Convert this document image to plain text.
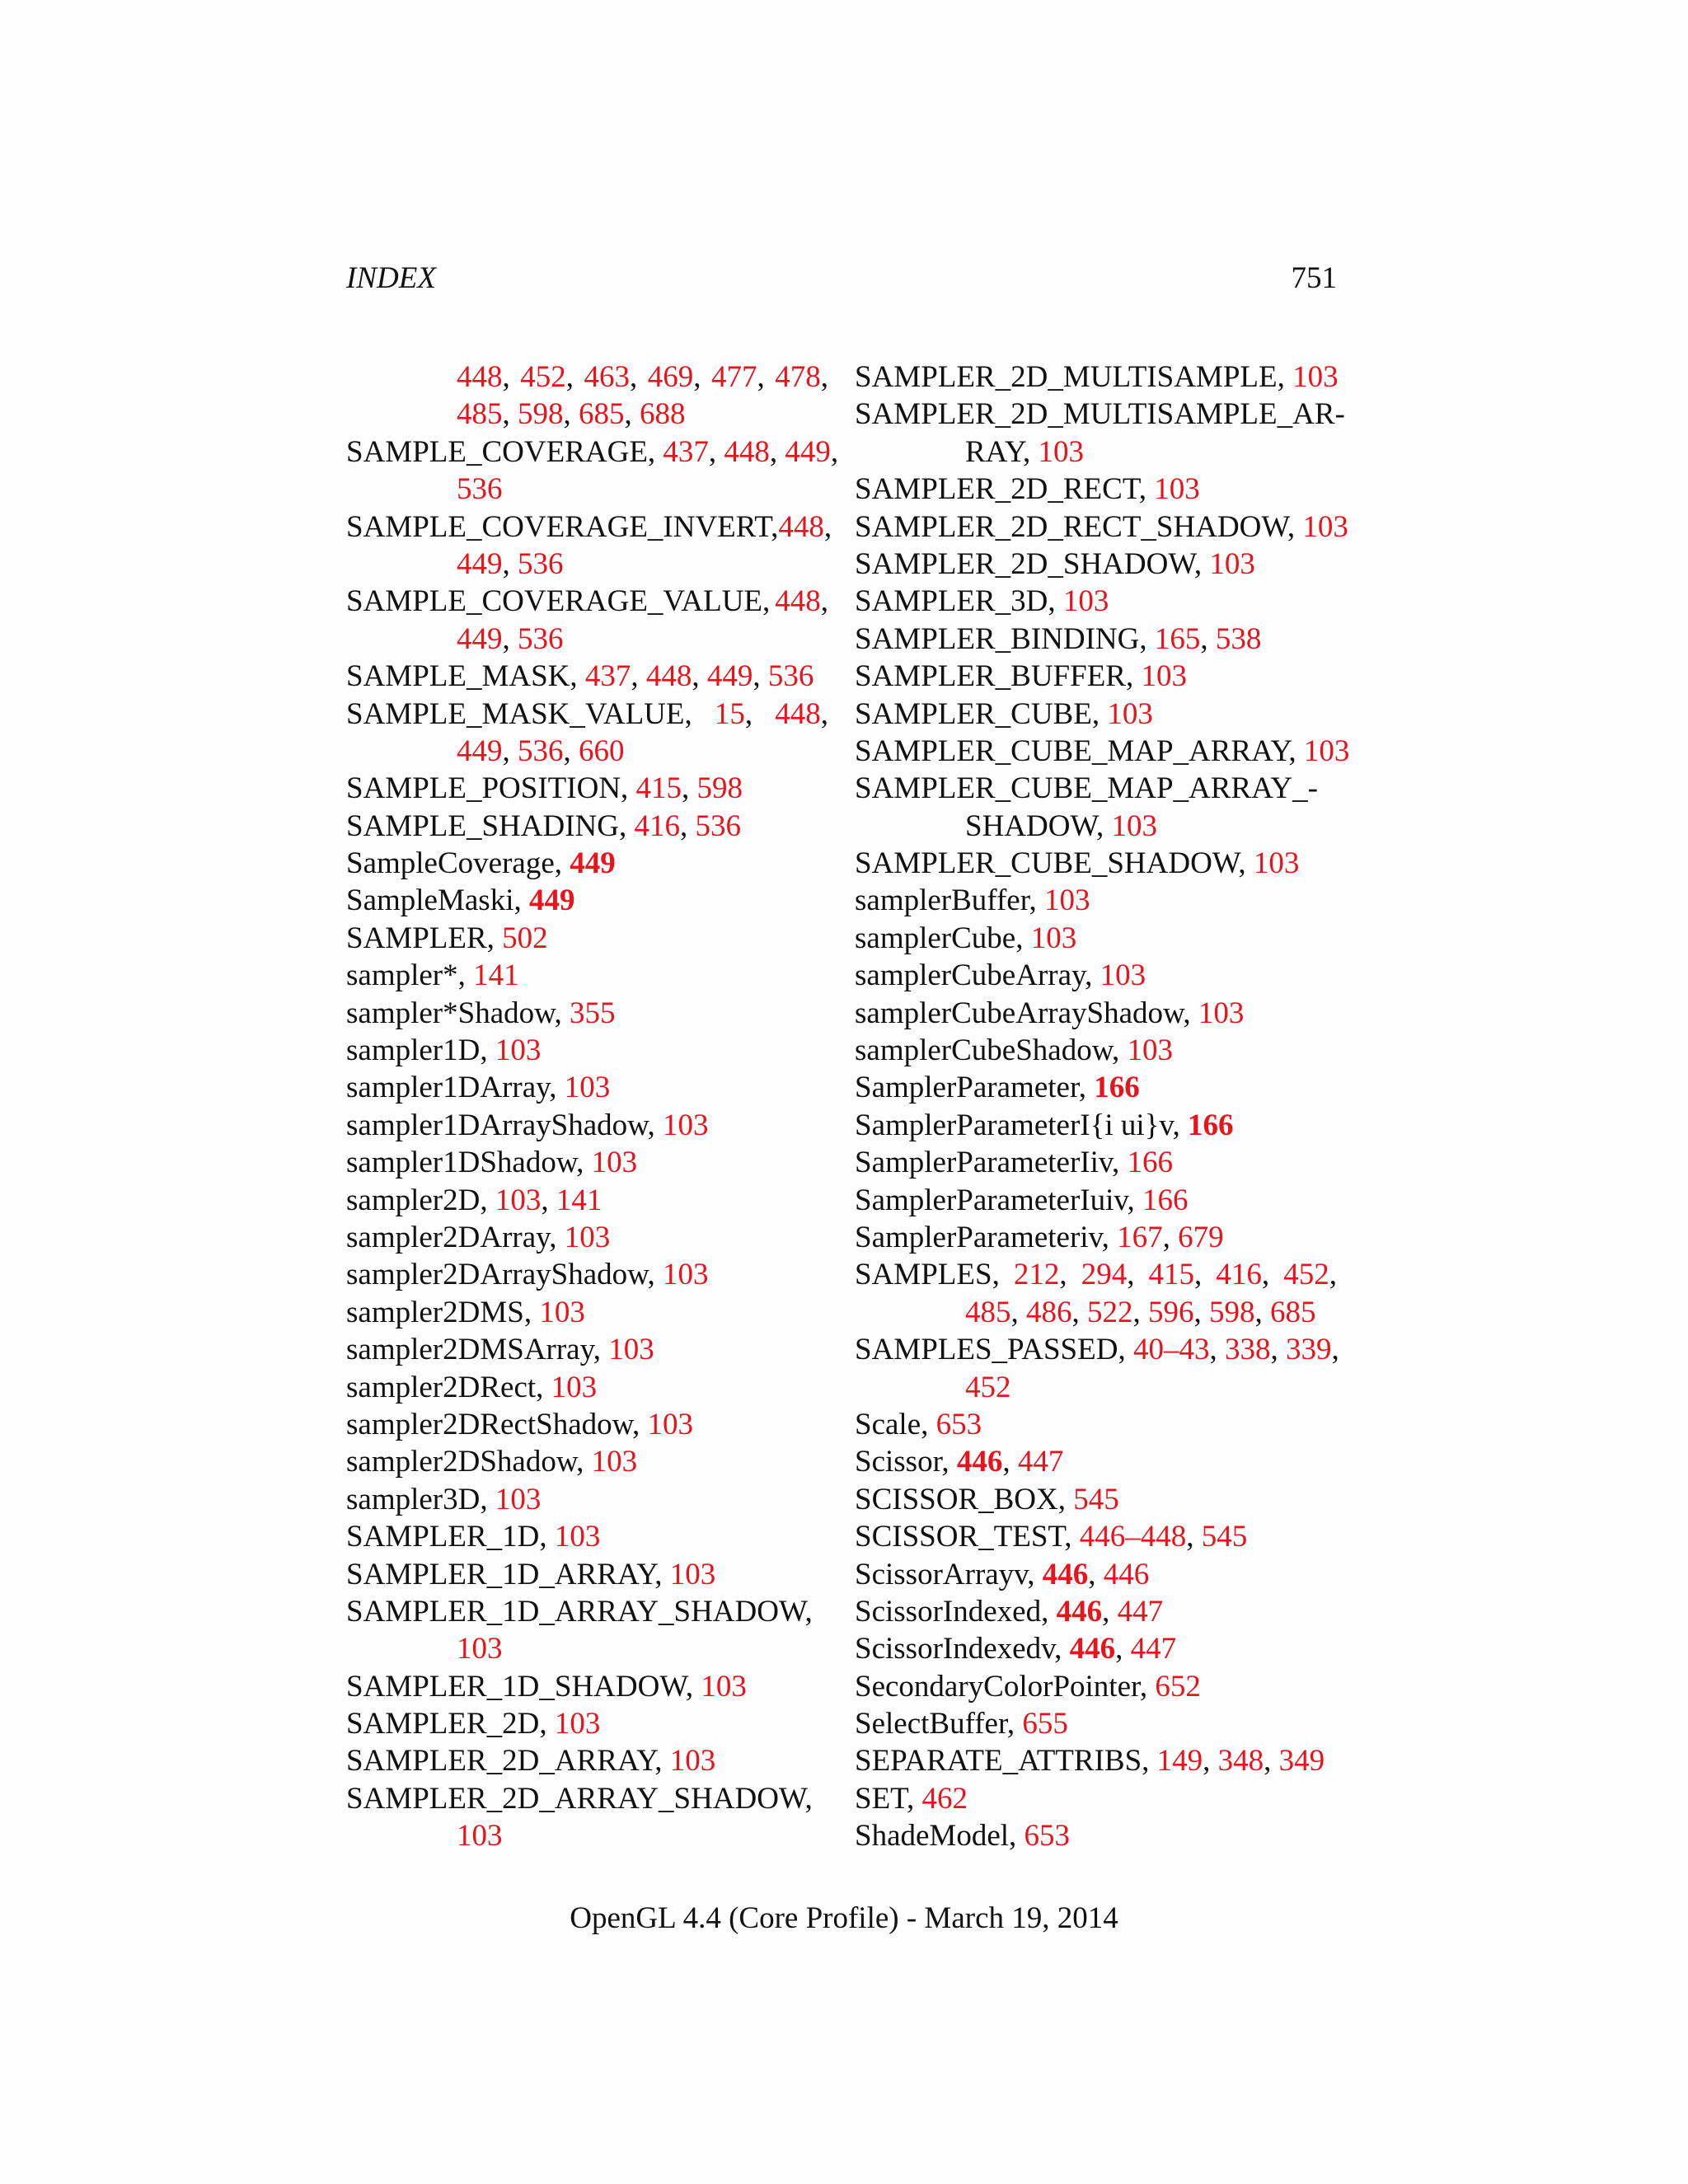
INDEX	751
448, 452, 463, 469, 477, 478,
485, 598, 685, 688
SAMPLE_COVERAGE, 437, 448, 449,
536
SAMPLE_COVERAGE_INVERT, 448,
449, 536
SAMPLE_COVERAGE_VALUE, 448,
449, 536
SAMPLE_MASK, 437, 448, 449, 536
SAMPLE_MASK_VALUE, 15, 448,
449, 536, 660
SAMPLE_POSITION, 415, 598
SAMPLE_SHADING, 416, 536
SampleCoverage, 449
SampleMaski, 449
SAMPLER, 502
sampler*, 141
sampler*Shadow, 355
sampler1D, 103
sampler1DArray, 103
sampler1DArrayShadow, 103
sampler1DShadow, 103
sampler2D, 103, 141
sampler2DArray, 103
sampler2DArrayShadow, 103
sampler2DMS, 103
sampler2DMSArray, 103
sampler2DRect, 103
sampler2DRectShadow, 103
sampler2DShadow, 103
sampler3D, 103
SAMPLER_1D, 103
SAMPLER_1D_ARRAY, 103
SAMPLER_1D_ARRAY_SHADOW,
103
SAMPLER_1D_SHADOW, 103
SAMPLER_2D, 103
SAMPLER_2D_ARRAY, 103
SAMPLER_2D_ARRAY_SHADOW,
103
SAMPLER_2D_MULTISAMPLE, 103
SAMPLER_2D_MULTISAMPLE_AR-
RAY, 103
SAMPLER_2D_RECT, 103
SAMPLER_2D_RECT_SHADOW, 103
SAMPLER_2D_SHADOW, 103
SAMPLER_3D, 103
SAMPLER_BINDING, 165, 538
SAMPLER_BUFFER, 103
SAMPLER_CUBE, 103
SAMPLER_CUBE_MAP_ARRAY, 103
SAMPLER_CUBE_MAP_ARRAY_-
SHADOW, 103
SAMPLER_CUBE_SHADOW, 103
samplerBuffer, 103
samplerCube, 103
samplerCubeArray, 103
samplerCubeArrayShadow, 103
samplerCubeShadow, 103
SamplerParameter, 166
SamplerParameterI{i ui}v, 166
SamplerParameterIiv, 166
SamplerParameterIuiv, 166
SamplerParameteriv, 167, 679
SAMPLES, 212, 294, 415, 416, 452,
485, 486, 522, 596, 598, 685
SAMPLES_PASSED, 40–43, 338, 339,
452
Scale, 653
Scissor, 446, 447
SCISSOR_BOX, 545
SCISSOR_TEST, 446–448, 545
ScissorArrayv, 446, 446
ScissorIndexed, 446, 447
ScissorIndexedv, 446, 447
SecondaryColorPointer, 652
SelectBuffer, 655
SEPARATE_ATTRIBS, 149, 348, 349
SET, 462
ShadeModel, 653
OpenGL 4.4 (Core Profile) - March 19, 2014
